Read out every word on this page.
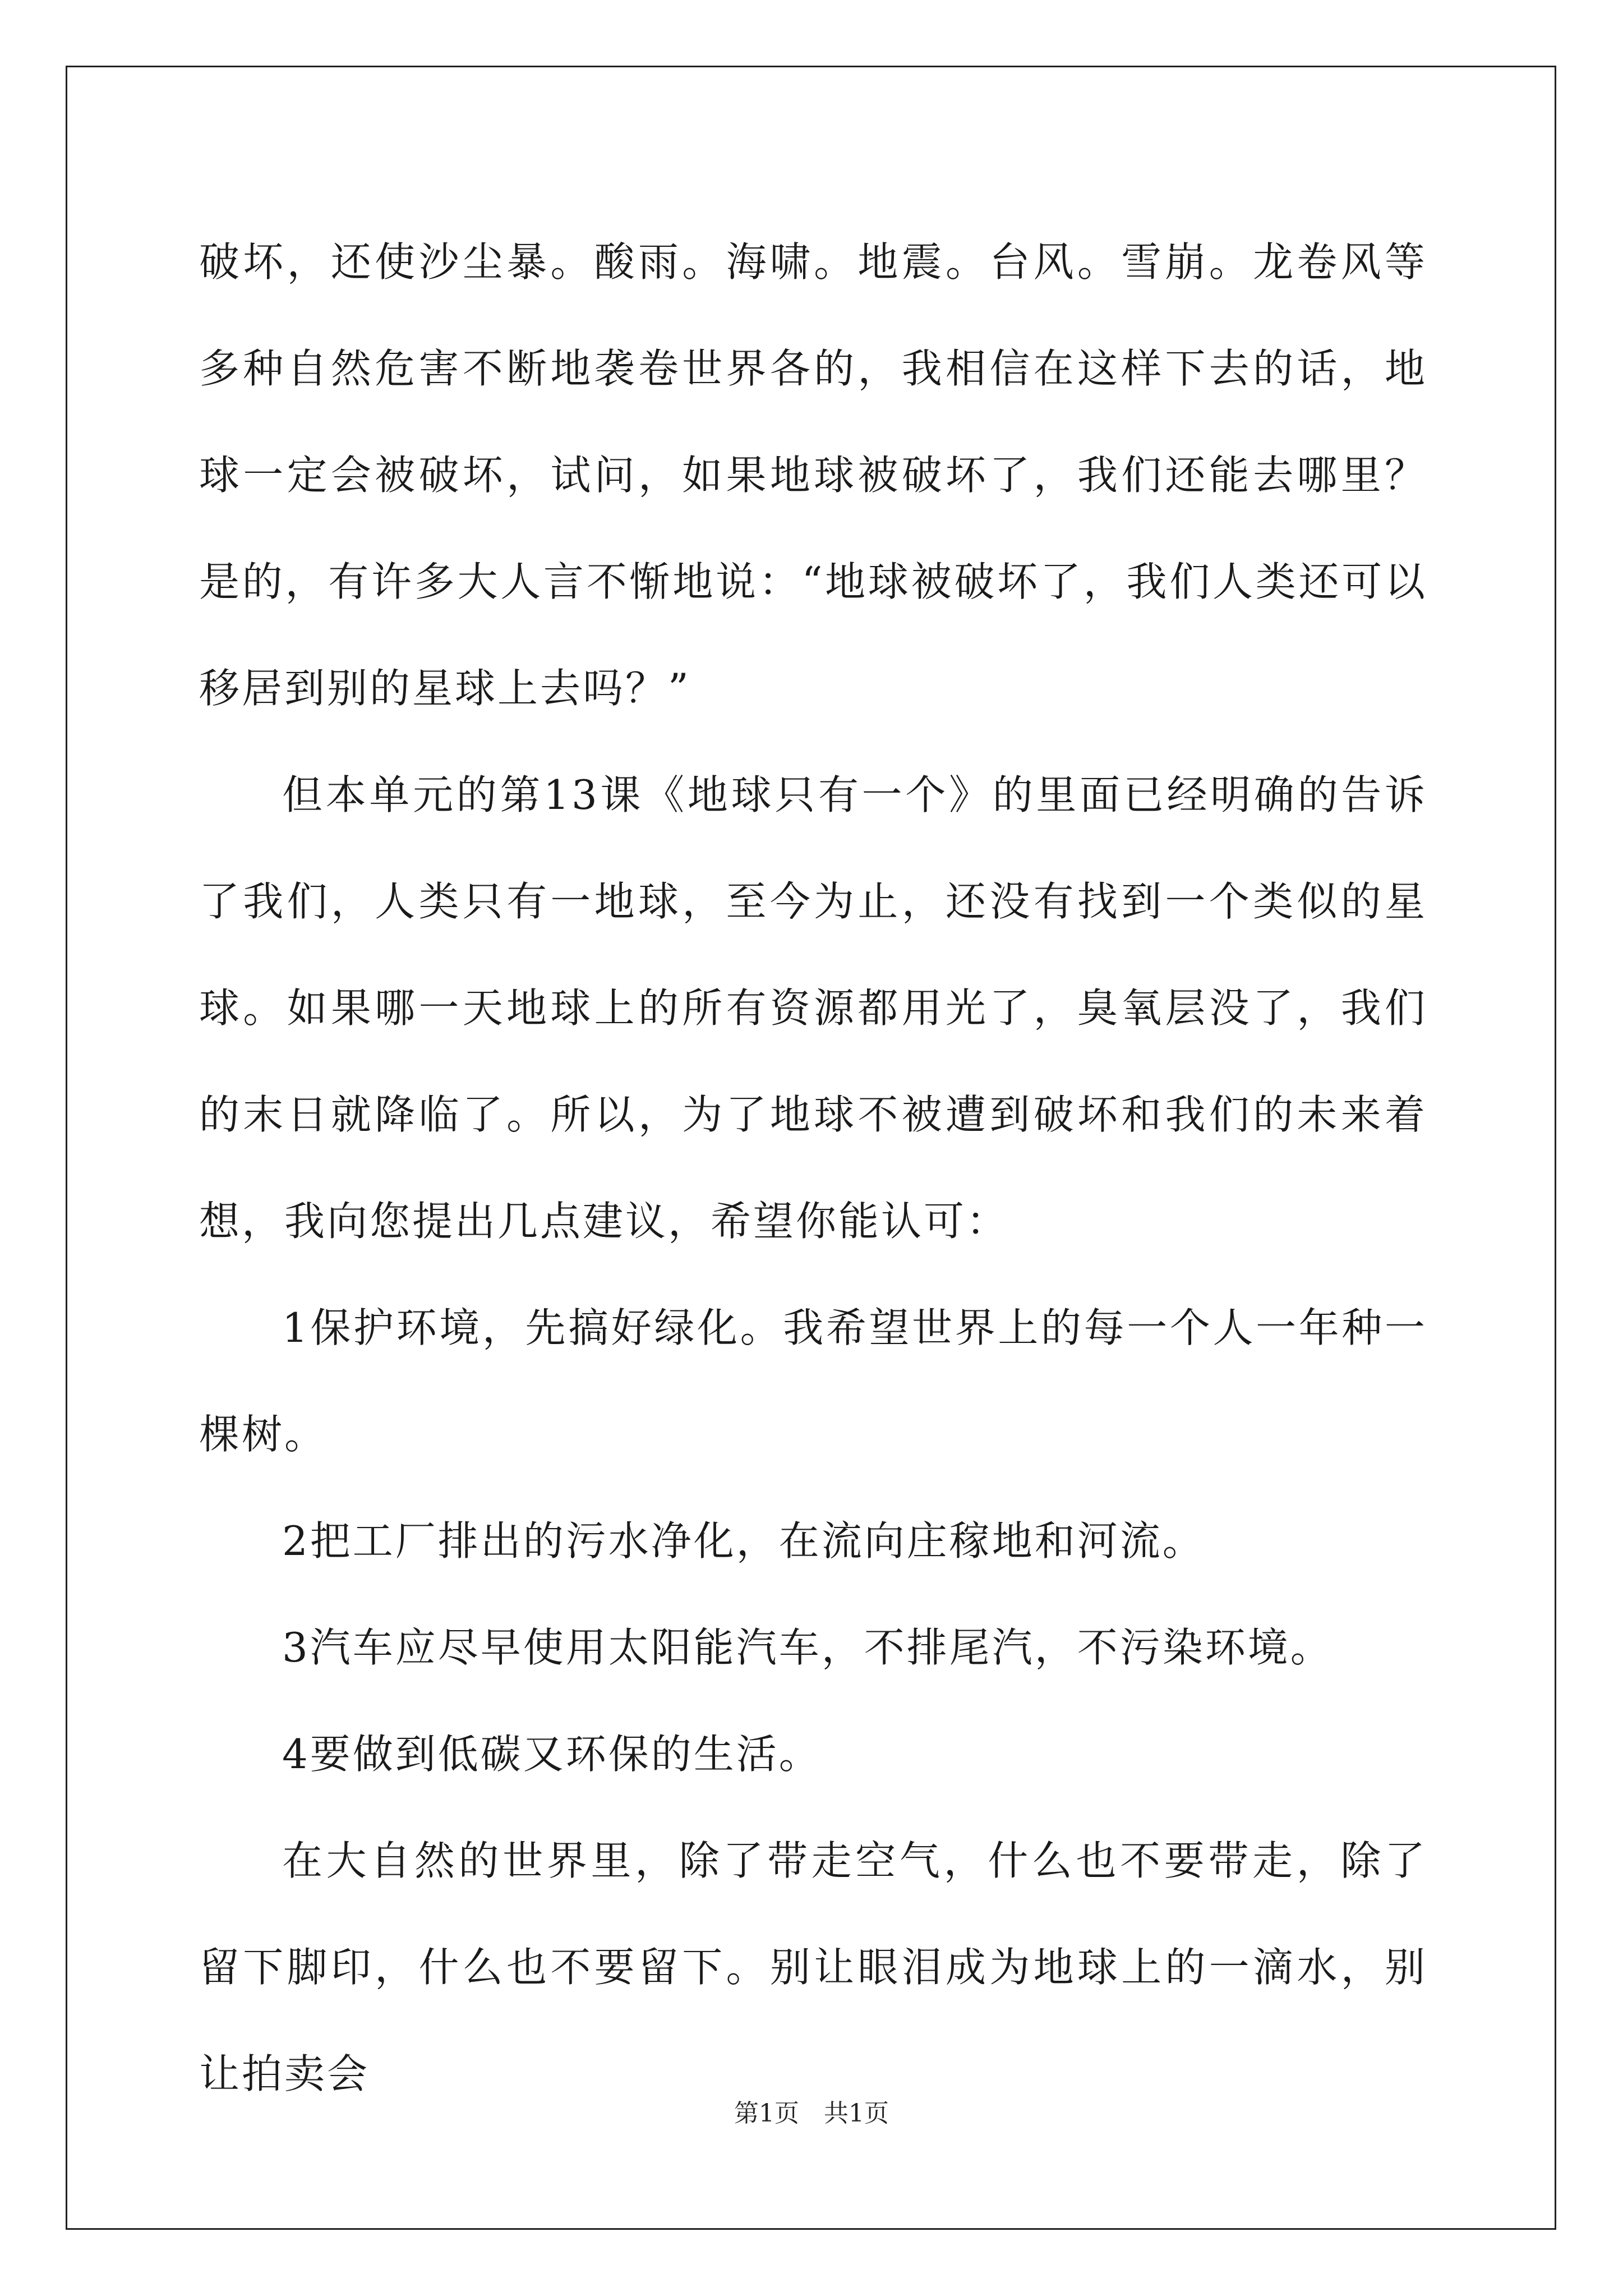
破坏，还使沙尘暴。酸雨。海啸。地震。台风。雪崩。龙卷风等多种自然危害不断地袭卷世界各的，我相信在这样下去的话，地球一定会被破坏，试问，如果地球被破坏了，我们还能去哪里？是的，有许多大人言不惭地说：“地球被破坏了，我们人类还可以移居到别的星球上去吗？”

但本单元的第13课《地球只有一个》的里面已经明确的告诉了我们，人类只有一地球，至今为止，还没有找到一个类似的星球。如果哪一天地球上的所有资源都用光了，臭氧层没了，我们的末日就降临了。所以，为了地球不被遭到破坏和我们的未来着想，我向您提出几点建议，希望你能认可：

1保护环境，先搞好绿化。我希望世界上的每一个人一年种一棵树。

2把工厂排出的污水净化，在流向庄稼地和河流。

3汽车应尽早使用太阳能汽车，不排尾汽，不污染环境。

4要做到低碳又环保的生活。

在大自然的世界里，除了带走空气，什么也不要带走，除了留下脚印，什么也不要留下。别让眼泪成为地球上的一滴水，别让拍卖会

第1页　共1页
